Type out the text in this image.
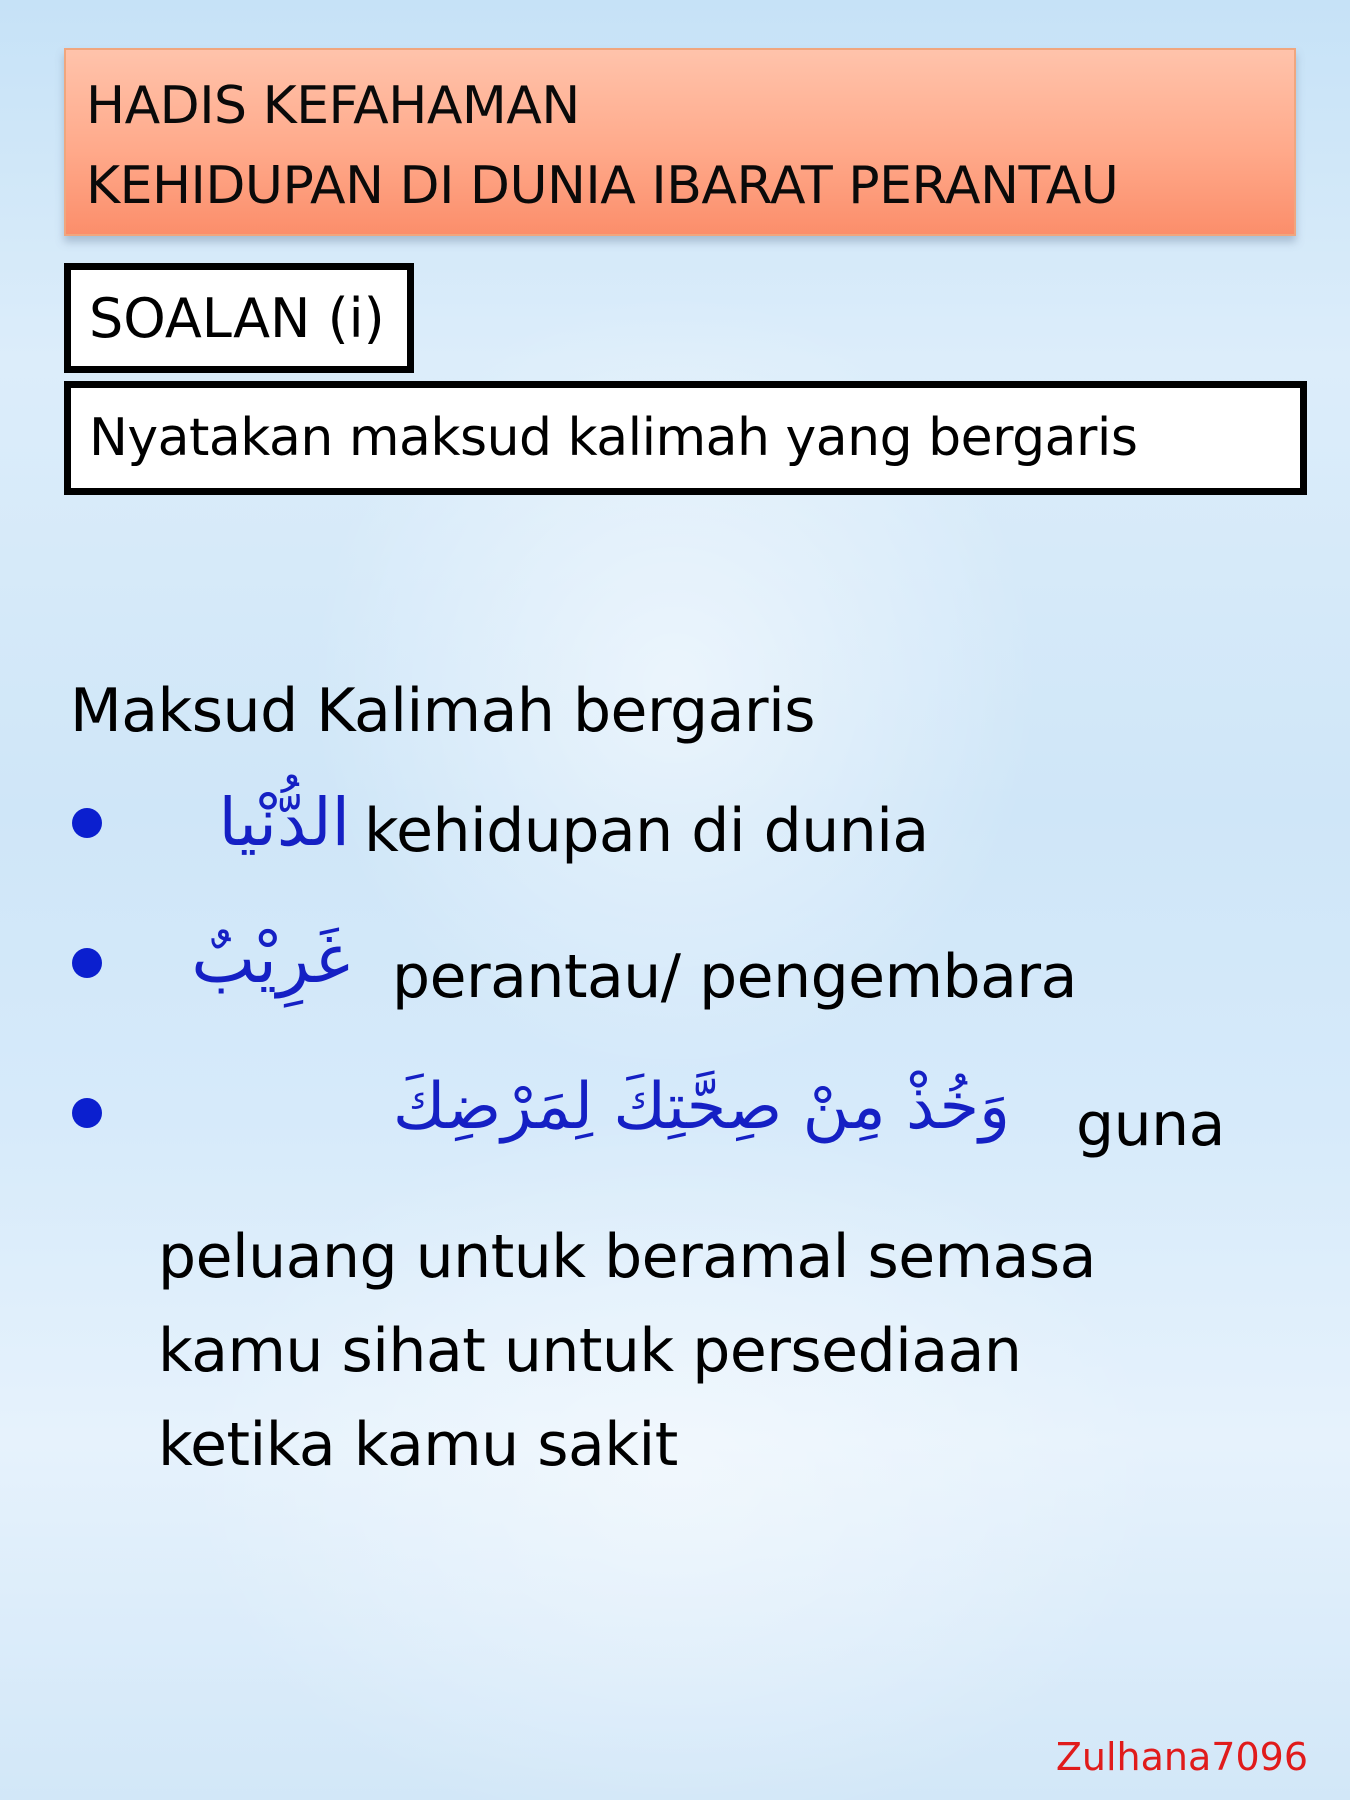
HADIS KEFAHAMAN
KEHIDUPAN DI DUNIA IBARAT PERANTAU
SOALAN (i)
Nyatakan maksud kalimah yang bergaris
Maksud Kalimah bergaris
الدُّنْيا kehidupan di dunia
غَرِيْبٌ perantau/ pengembara
وَخُذْ مِنْ صِحَّتِكَ لِمَرْضِكَ guna
peluang untuk beramal semasa
kamu sihat untuk persediaan
ketika kamu sakit
Zulhana7096
